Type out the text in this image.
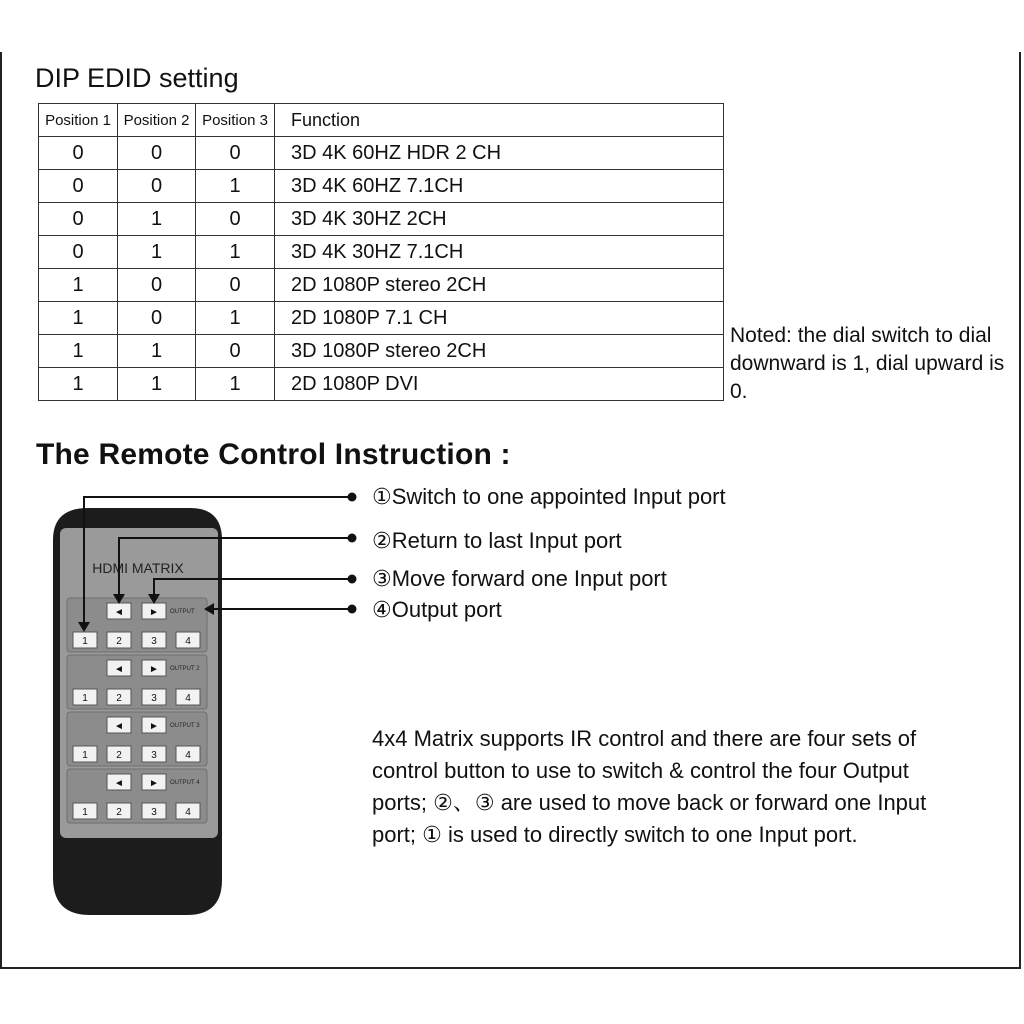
DIP EDID setting
Position 1	Position 2	Position 3	Function
0	0	0	3D 4K 60HZ HDR 2 CH
0	0	1	3D 4K 60HZ 7.1CH
0	1	0	3D 4K 30HZ 2CH
0	1	1	3D 4K 30HZ 7.1CH
1	0	0	2D 1080P stereo 2CH
1	0	1	2D 1080P 7.1 CH
1	1	0	3D 1080P stereo 2CH
1	1	1	2D 1080P DVI

Noted: the dial switch to dial downward is 1, dial upward is 0.

The Remote Control Instruction :

①Switch to one appointed Input port

②Return to last Input port

③Move forward one Input port

④Output port

4x4 Matrix supports IR control and there are four sets of control button to use to switch & control the four Output ports; ②、③ are used to move back or forward one Input port; ① is used to directly switch to one Input port.

HDMI MATRIX
◄	► OUTPUT
1	2	3	4
◄	► OUTPUT 2
1	2	3	4
◄	► OUTPUT 3
1	2	3	4
◄	► OUTPUT 4
1	2	3	4
